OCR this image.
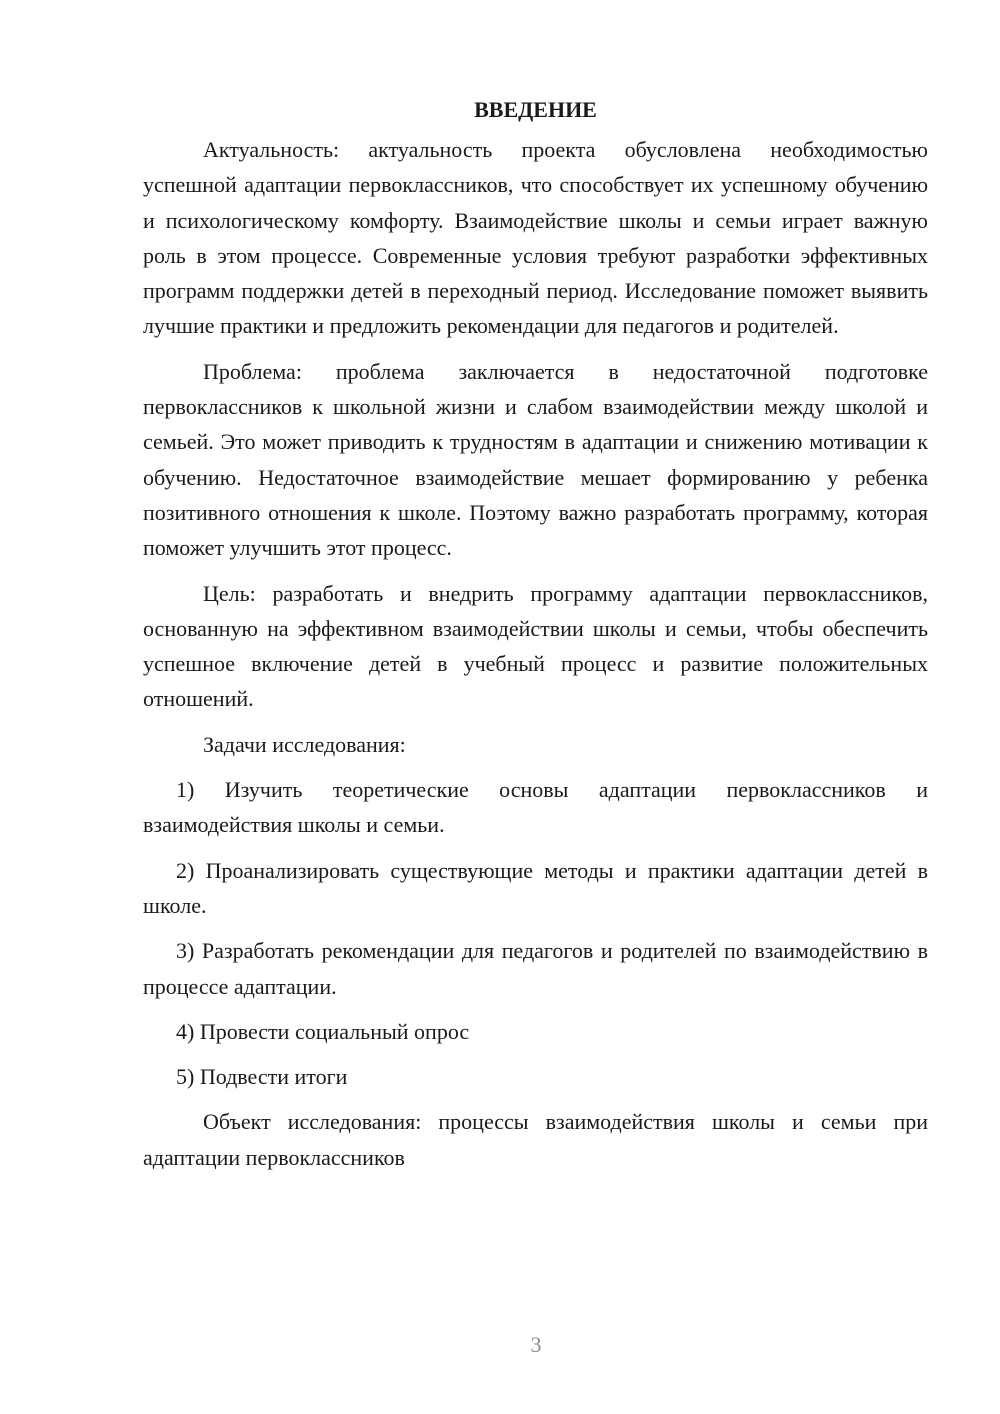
ВВЕДЕНИЕ

Актуальность: актуальность проекта обусловлена необходимостью успешной адаптации первоклассников, что способствует их успешному обучению и психологическому комфорту. Взаимодействие школы и семьи играет важную роль в этом процессе. Современные условия требуют разработки эффективных программ поддержки детей в переходный период. Исследование поможет выявить лучшие практики и предложить рекомендации для педагогов и родителей.

Проблема: проблема заключается в недостаточной подготовке первоклассников к школьной жизни и слабом взаимодействии между школой и семьей. Это может приводить к трудностям в адаптации и снижению мотивации к обучению. Недостаточное взаимодействие мешает формированию у ребенка позитивного отношения к школе. Поэтому важно разработать программу, которая поможет улучшить этот процесс.

Цель: разработать и внедрить программу адаптации первоклассников, основанную на эффективном взаимодействии школы и семьи, чтобы обеспечить успешное включение детей в учебный процесс и развитие положительных отношений.

Задачи исследования:

1) Изучить теоретические основы адаптации первоклассников и взаимодействия школы и семьи.

2) Проанализировать существующие методы и практики адаптации детей в школе.

3) Разработать рекомендации для педагогов и родителей по взаимодействию в процессе адаптации.

4) Провести социальный опрос

5) Подвести итоги

Объект исследования: процессы взаимодействия школы и семьи при адаптации первоклассников

3
